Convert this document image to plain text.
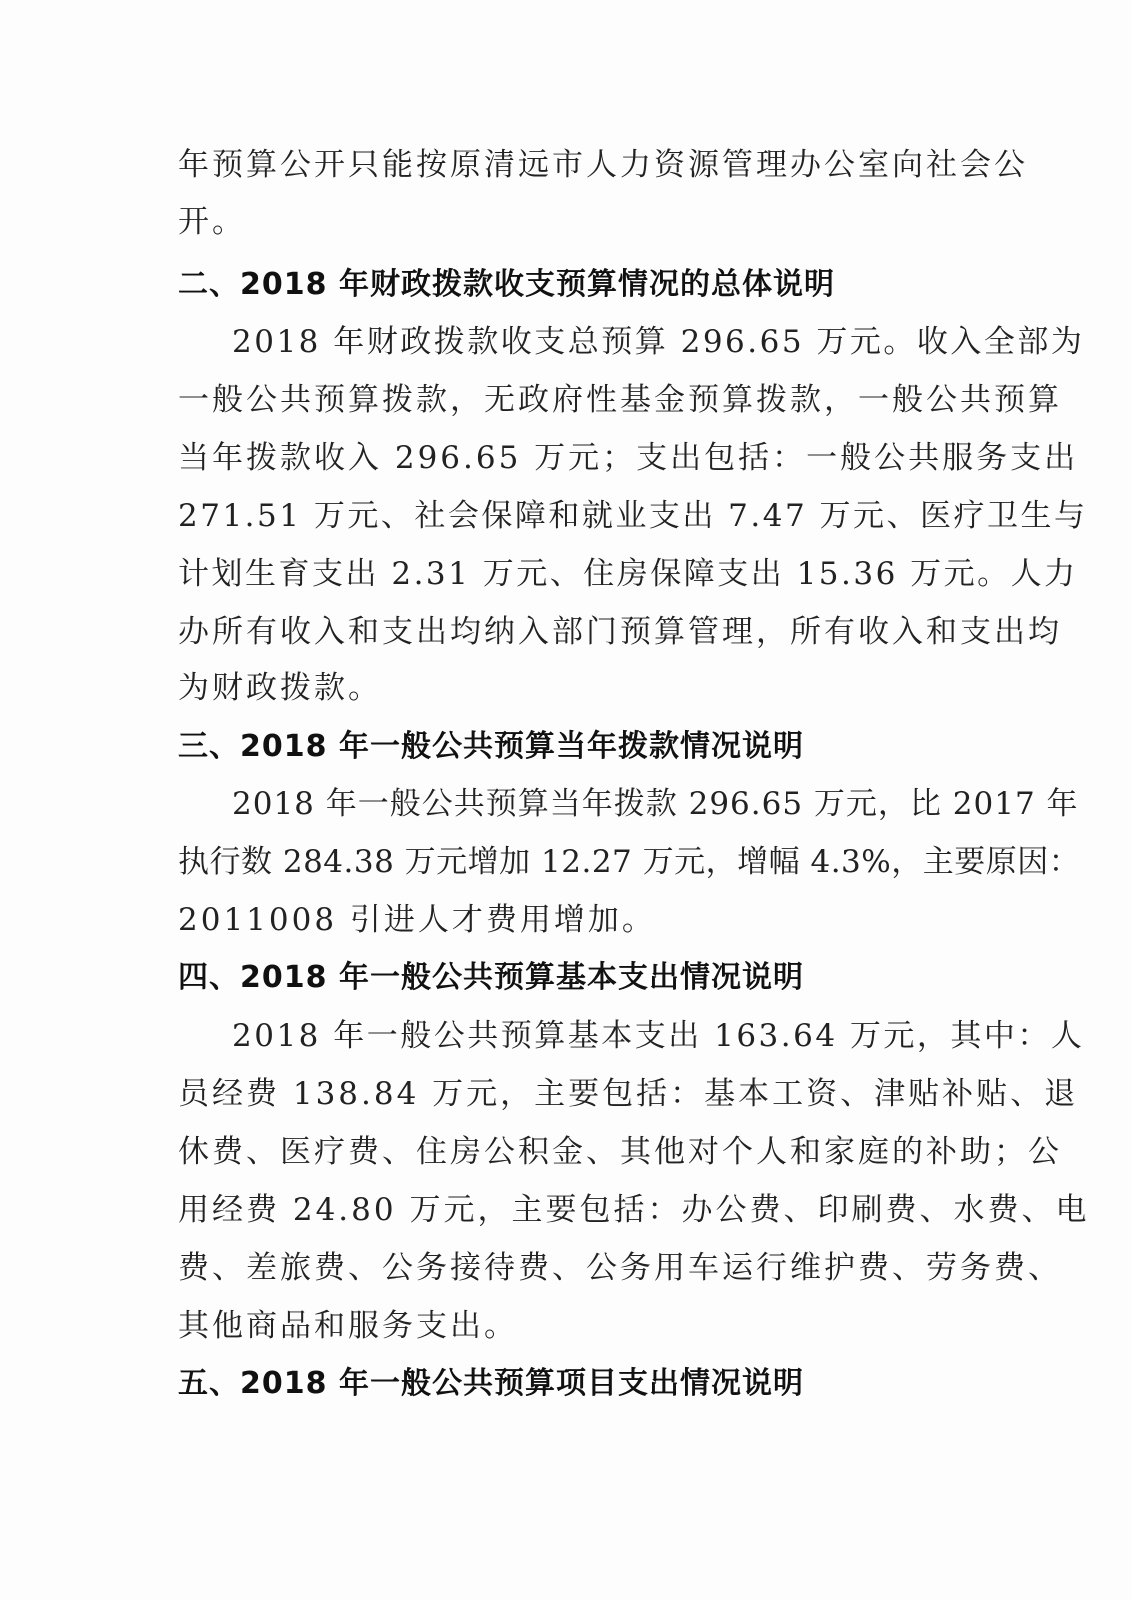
年预算公开只能按原清远市人力资源管理办公室向社会公
开。
二、2018 年财政拨款收支预算情况的总体说明
2018 年财政拨款收支总预算 296.65 万元。收入全部为
一般公共预算拨款，无政府性基金预算拨款，一般公共预算
当年拨款收入 296.65 万元；支出包括：一般公共服务支出
271.51 万元、社会保障和就业支出 7.47 万元、医疗卫生与
计划生育支出 2.31 万元、住房保障支出 15.36 万元。人力
办所有收入和支出均纳入部门预算管理，所有收入和支出均
为财政拨款。
三、2018 年一般公共预算当年拨款情况说明
2018 年一般公共预算当年拨款 296.65 万元，比 2017 年
执行数 284.38 万元增加 12.27 万元，增幅 4.3%，主要原因：
2011008 引进人才费用增加。
四、2018 年一般公共预算基本支出情况说明
2018 年一般公共预算基本支出 163.64 万元，其中：人
员经费 138.84 万元，主要包括：基本工资、津贴补贴、退
休费、医疗费、住房公积金、其他对个人和家庭的补助；公
用经费 24.80 万元，主要包括：办公费、印刷费、水费、电
费、差旅费、公务接待费、公务用车运行维护费、劳务费、
其他商品和服务支出。
五、2018 年一般公共预算项目支出情况说明
